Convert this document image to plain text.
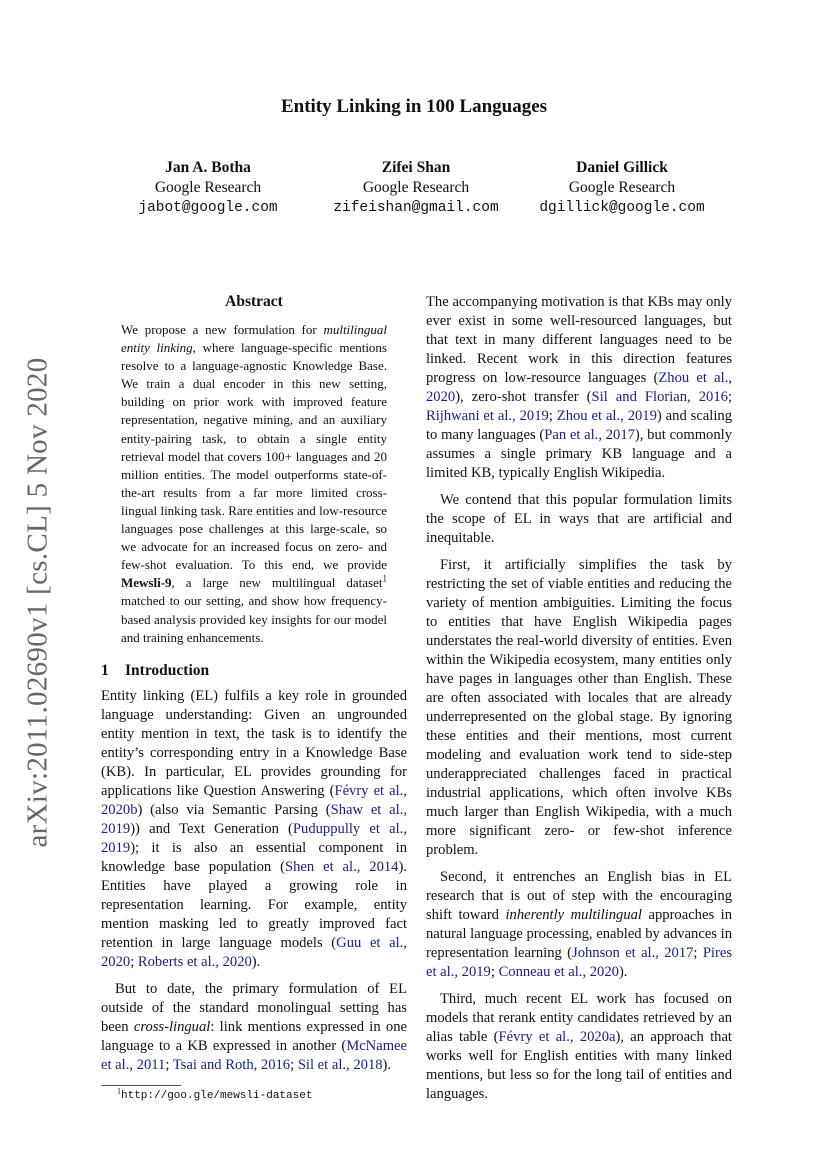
arXiv:2011.02690v1 [cs.CL] 5 Nov 2020
Entity Linking in 100 Languages
Jan A. Botha
Google Research
jabot@google.com
Zifei Shan
Google Research
zifeishan@gmail.com
Daniel Gillick
Google Research
dgillick@google.com
Abstract

We propose a new formulation for multilingual entity linking, where language-specific mentions resolve to a language-agnostic Knowledge Base. We train a dual encoder in this new setting, building on prior work with improved feature representation, negative mining, and an auxiliary entity-pairing task, to obtain a single entity retrieval model that covers 100+ languages and 20 million entities. The model outperforms state-of-the-art results from a far more limited cross-lingual linking task. Rare entities and low-resource languages pose challenges at this large-scale, so we advocate for an increased focus on zero- and few-shot evaluation. To this end, we provide Mewsli-9, a large new multilingual dataset$^1$ matched to our setting, and show how frequency-based analysis provided key insights for our model and training enhancements.

1 Introduction

Entity linking (EL) fulfils a key role in grounded language understanding: Given an ungrounded entity mention in text, the task is to identify the entity’s corresponding entry in a Knowledge Base (KB). In particular, EL provides grounding for applications like Question Answering (Févry et al., 2020b) (also via Semantic Parsing (Shaw et al., 2019)) and Text Generation (Puduppully et al., 2019); it is also an essential component in knowledge base population (Shen et al., 2014). Entities have played a growing role in representation learning. For example, entity mention masking led to greatly improved fact retention in large language models (Guu et al., 2020; Roberts et al., 2020).

But to date, the primary formulation of EL outside of the standard monolingual setting has been cross-lingual: link mentions expressed in one language to a KB expressed in another (McNamee et al., 2011; Tsai and Roth, 2016; Sil et al., 2018).

$^1$http://goo.gle/mewsli-dataset

The accompanying motivation is that KBs may only ever exist in some well-resourced languages, but that text in many different languages need to be linked. Recent work in this direction features progress on low-resource languages (Zhou et al., 2020), zero-shot transfer (Sil and Florian, 2016; Rijhwani et al., 2019; Zhou et al., 2019) and scaling to many languages (Pan et al., 2017), but commonly assumes a single primary KB language and a limited KB, typically English Wikipedia.

We contend that this popular formulation limits the scope of EL in ways that are artificial and inequitable.

First, it artificially simplifies the task by restricting the set of viable entities and reducing the variety of mention ambiguities. Limiting the focus to entities that have English Wikipedia pages understates the real-world diversity of entities. Even within the Wikipedia ecosystem, many entities only have pages in languages other than English. These are often associated with locales that are already underrepresented on the global stage. By ignoring these entities and their mentions, most current modeling and evaluation work tend to side-step underappreciated challenges faced in practical industrial applications, which often involve KBs much larger than English Wikipedia, with a much more significant zero- or few-shot inference problem.

Second, it entrenches an English bias in EL research that is out of step with the encouraging shift toward inherently multilingual approaches in natural language processing, enabled by advances in representation learning (Johnson et al., 2017; Pires et al., 2019; Conneau et al., 2020).

Third, much recent EL work has focused on models that rerank entity candidates retrieved by an alias table (Févry et al., 2020a), an approach that works well for English entities with many linked mentions, but less so for the long tail of entities and languages.
